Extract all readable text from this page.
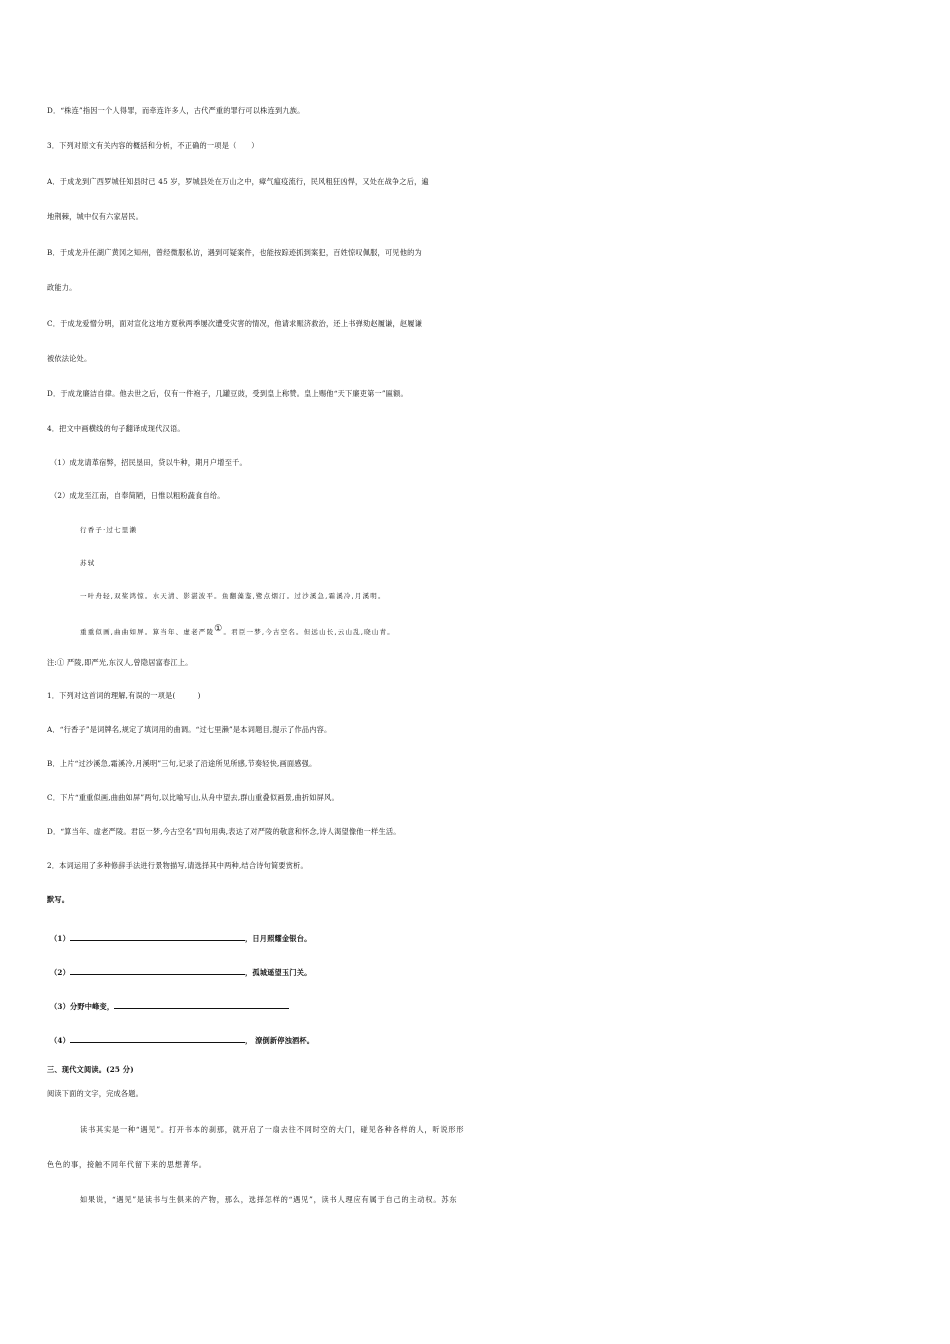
D．“株连”指因一个人得罪，而牵连许多人，古代严重的罪行可以株连到九族。
3．下列对原文有关内容的概括和分析，不正确的一项是（　　）
A．于成龙到广西罗城任知县时已 45 岁，罗城县处在万山之中，瘴气瘟疫流行，民风粗狂凶悍，又处在战争之后，遍
地荆棘，城中仅有六家居民。
B．于成龙升任湖广黄冈之知州，曾经微服私访，遇到可疑案件，也能按踪迹抓到案犯，百姓惊叹佩服，可见他的为
政能力。
C．于成龙爱憎分明，面对宣化这地方夏秋两季屡次遭受灾害的情况，他请求赈济救治，还上书弹劾赵履谦，赵履谦
被依法论处。
D．于成龙廉洁自律。他去世之后，仅有一件袍子，几罐豆豉，受到皇上称赞。皇上赐他“天下廉吏第一”匾额。
4．把文中画横线的句子翻译成现代汉语。
（1）成龙请革宿弊，招民垦田，贷以牛种，期月户增至千。
（2）成龙至江南，自奉简陋，日惟以粗粉蔬食自给。
行香子·过七里濑
苏轼
一叶舟轻,双桨鸿惊。水天清、影湛波平。鱼翻藻鉴,鹭点烟汀。过沙溪急,霜溪冷,月溪明。
重重似画,曲曲如屏。算当年、虚老严陵①。君臣一梦,今古空名。但远山长,云山乱,晓山青。
注:① 严陵,即严光,东汉人,曾隐居富春江上。
1．下列对这首词的理解,有误的一项是(　　　)
A．“行香子”是词牌名,规定了填词用的曲调。“过七里濑”是本词题目,提示了作品内容。
B．上片“过沙溪急,霜溪冷,月溪明”三句,记录了沿途所见所感,节奏轻快,画面感强。
C．下片“重重似画,曲曲如屏”两句,以比喻写山,从舟中望去,群山重叠似画景,曲折如屏风。
D．“算当年、虚老严陵。君臣一梦,今古空名”四句用典,表达了对严陵的敬意和怀念,诗人渴望像他一样生活。
2．本词运用了多种修辞手法进行景物描写,请选择其中两种,结合诗句简要赏析。
默写。
（1）	，日月照耀金银台。
（2）	，孤城遥望玉门关。
（3）分野中峰变，
（4）	， 潦倒新停浊酒杯。
三、现代文阅读。(25 分)
阅读下面的文字，完成各题。
读书其实是一种“遇见”。打开书本的刹那，就开启了一扇去往不同时空的大门，碰见各种各样的人，听说形形
色色的事，接触不同年代留下来的思想菁华。
如果说，“遇见”是读书与生俱来的产物，那么，选择怎样的“遇见”，读书人理应有属于自己的主动权。苏东
